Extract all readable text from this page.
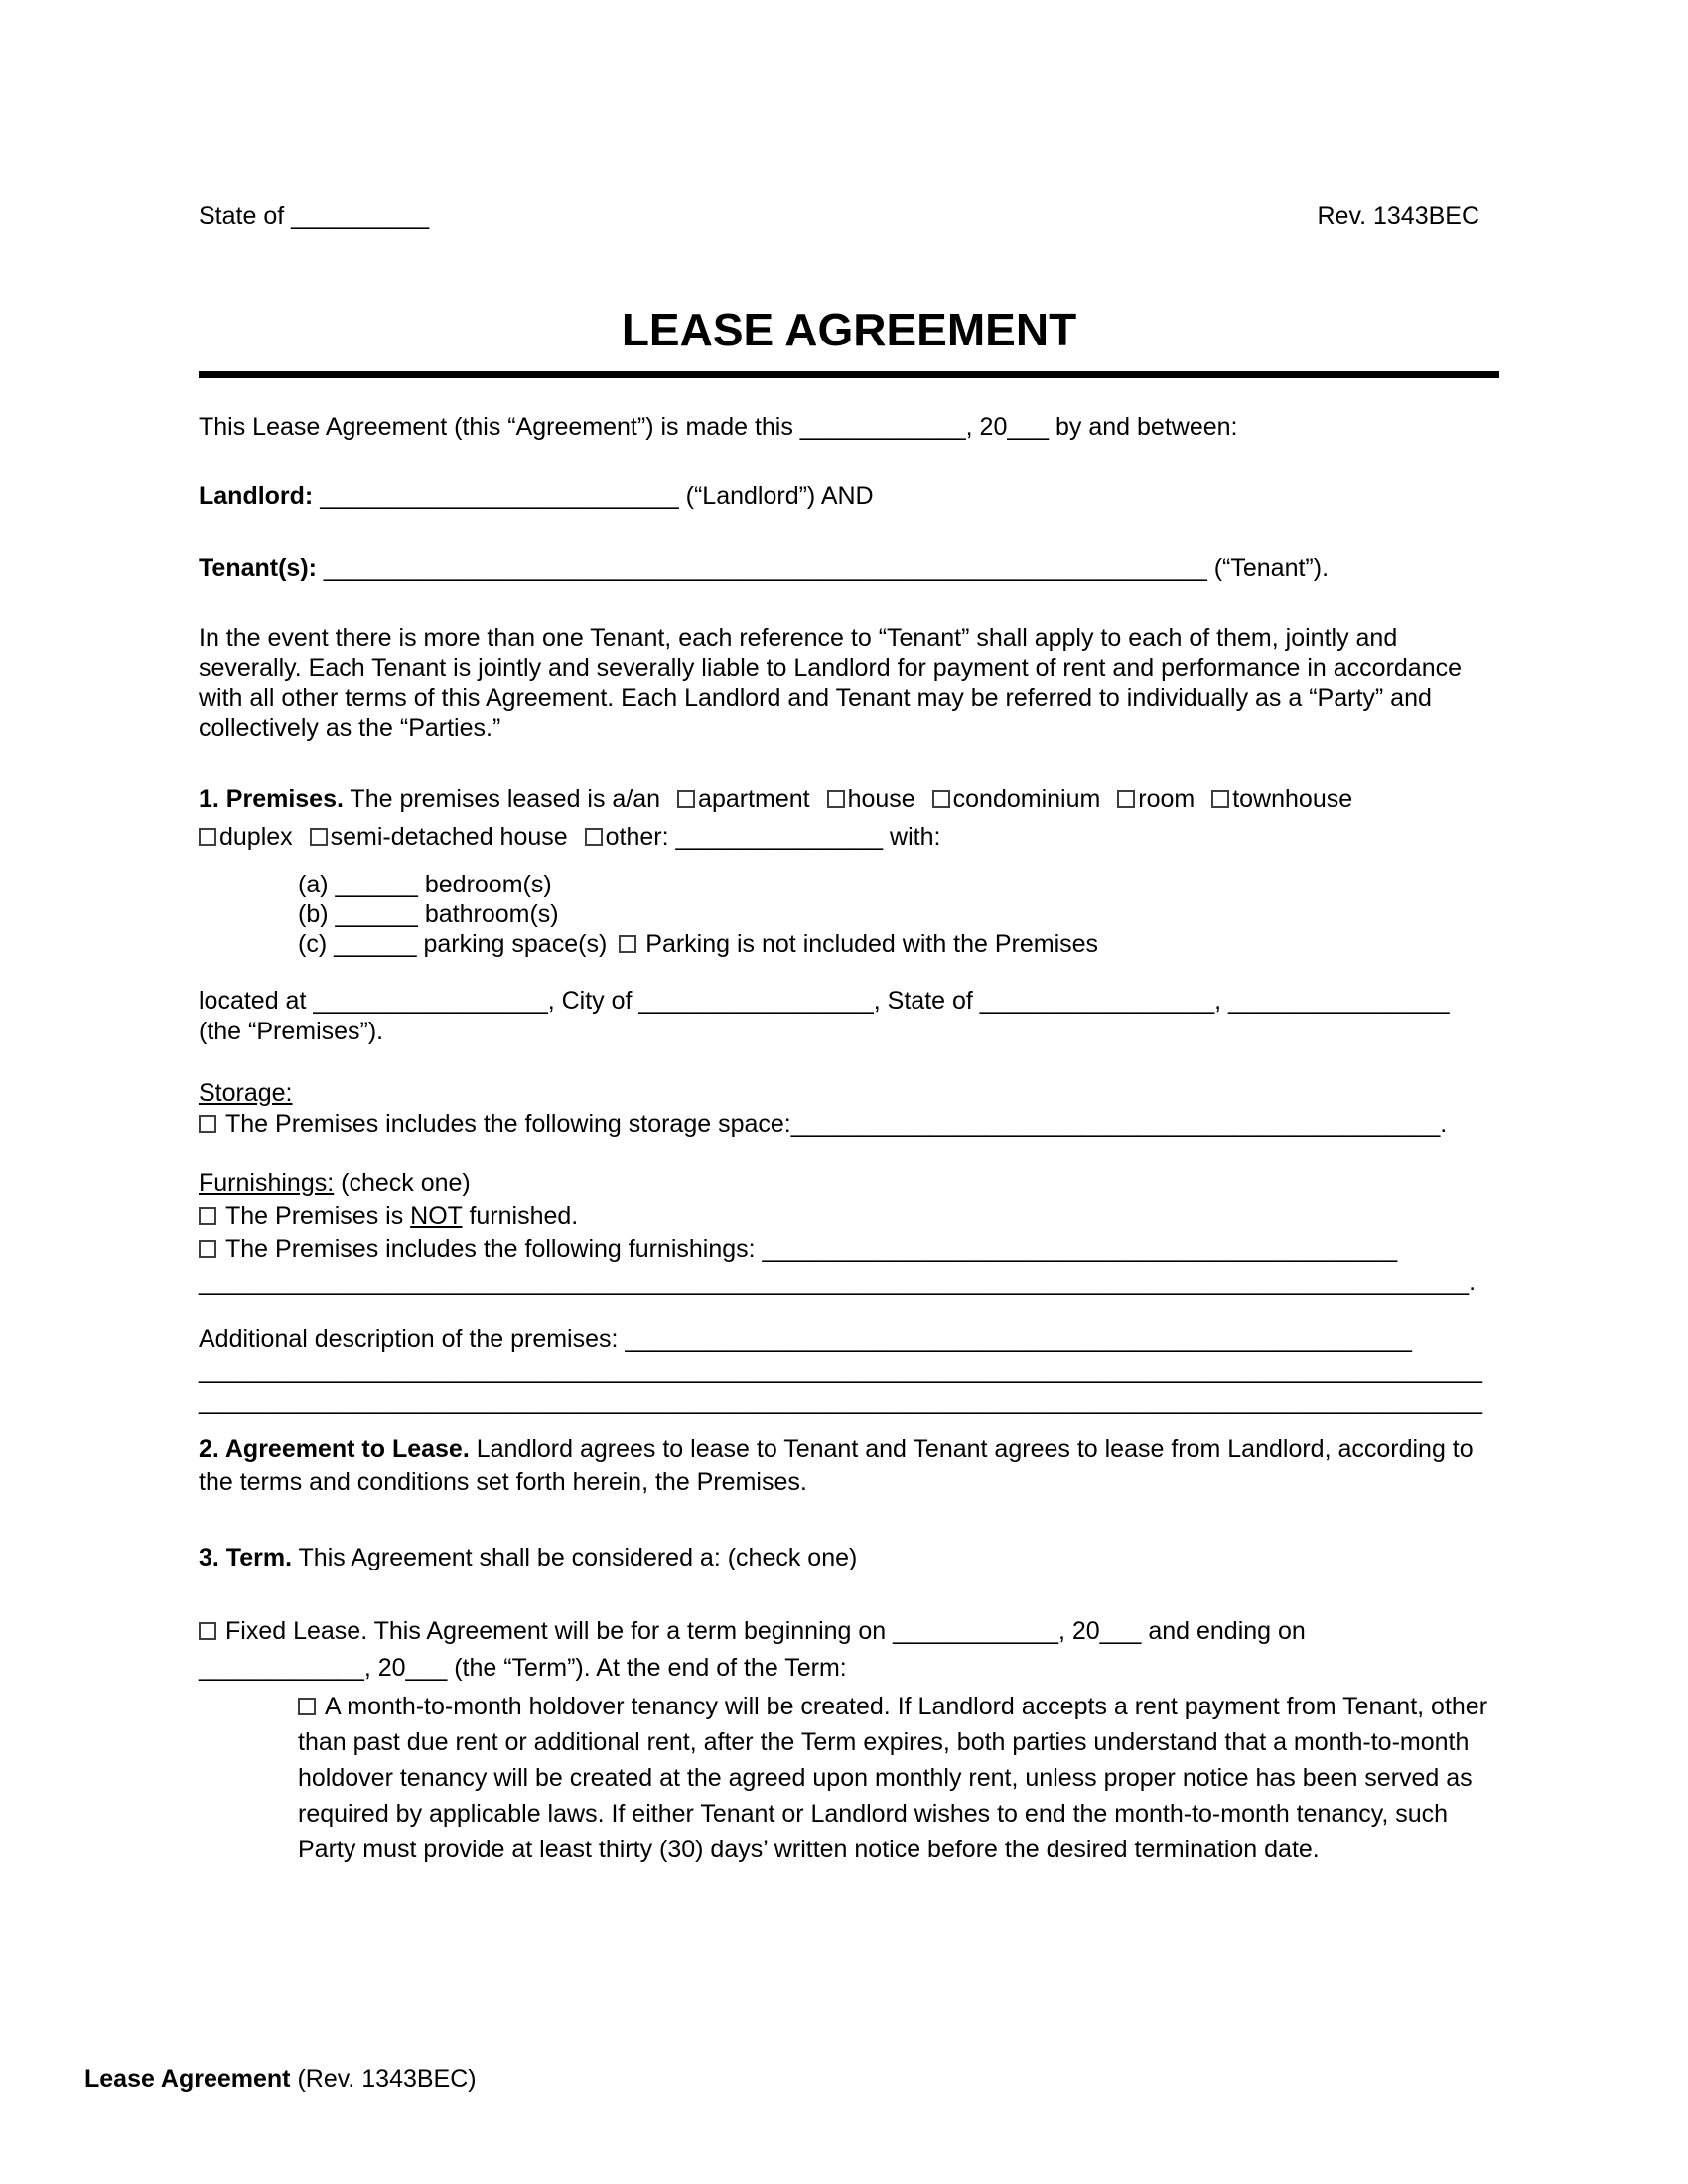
State of __________	Rev. 1343BEC
LEASE AGREEMENT

This Lease Agreement (this “Agreement”) is made this ____________, 20___ by and between:

Landlord: __________________________ (“Landlord”) AND

Tenant(s): ________________________________________________________________ (“Tenant”).

In the event there is more than one Tenant, each reference to “Tenant” shall apply to each of them, jointly and severally. Each Tenant is jointly and severally liable to Landlord for payment of rent and performance in accordance with all other terms of this Agreement. Each Landlord and Tenant may be referred to individually as a “Party” and collectively as the “Parties.”

1. Premises. The premises leased is a/an apartment house condominium room townhouse
duplex semi-detached house other: _______________ with:
(a) ______ bedroom(s)
(b) ______ bathroom(s)
(c) ______ parking space(s) Parking is not included with the Premises
located at _________________, City of _________________, State of _________________, ________________
(the “Premises”).
Storage:
The Premises includes the following storage space:_______________________________________________.
Furnishings: (check one)
The Premises is NOT furnished.
The Premises includes the following furnishings: ______________________________________________
____________________________________________________________________________________________.
Additional description of the premises: _________________________________________________________
_____________________________________________________________________________________________
_____________________________________________________________________________________________

2. Agreement to Lease. Landlord agrees to lease to Tenant and Tenant agrees to lease from Landlord, according to the terms and conditions set forth herein, the Premises.

3. Term. This Agreement shall be considered a: (check one)

Fixed Lease. This Agreement will be for a term beginning on ____________, 20___ and ending on
____________, 20___ (the “Term”). At the end of the Term:

A month-to-month holdover tenancy will be created. If Landlord accepts a rent payment from Tenant, other than past due rent or additional rent, after the Term expires, both parties understand that a month-to-month holdover tenancy will be created at the agreed upon monthly rent, unless proper notice has been served as required by applicable laws. If either Tenant or Landlord wishes to end the month-to-month tenancy, such Party must provide at least thirty (30) days’ written notice before the desired termination date.

Lease Agreement (Rev. 1343BEC)
